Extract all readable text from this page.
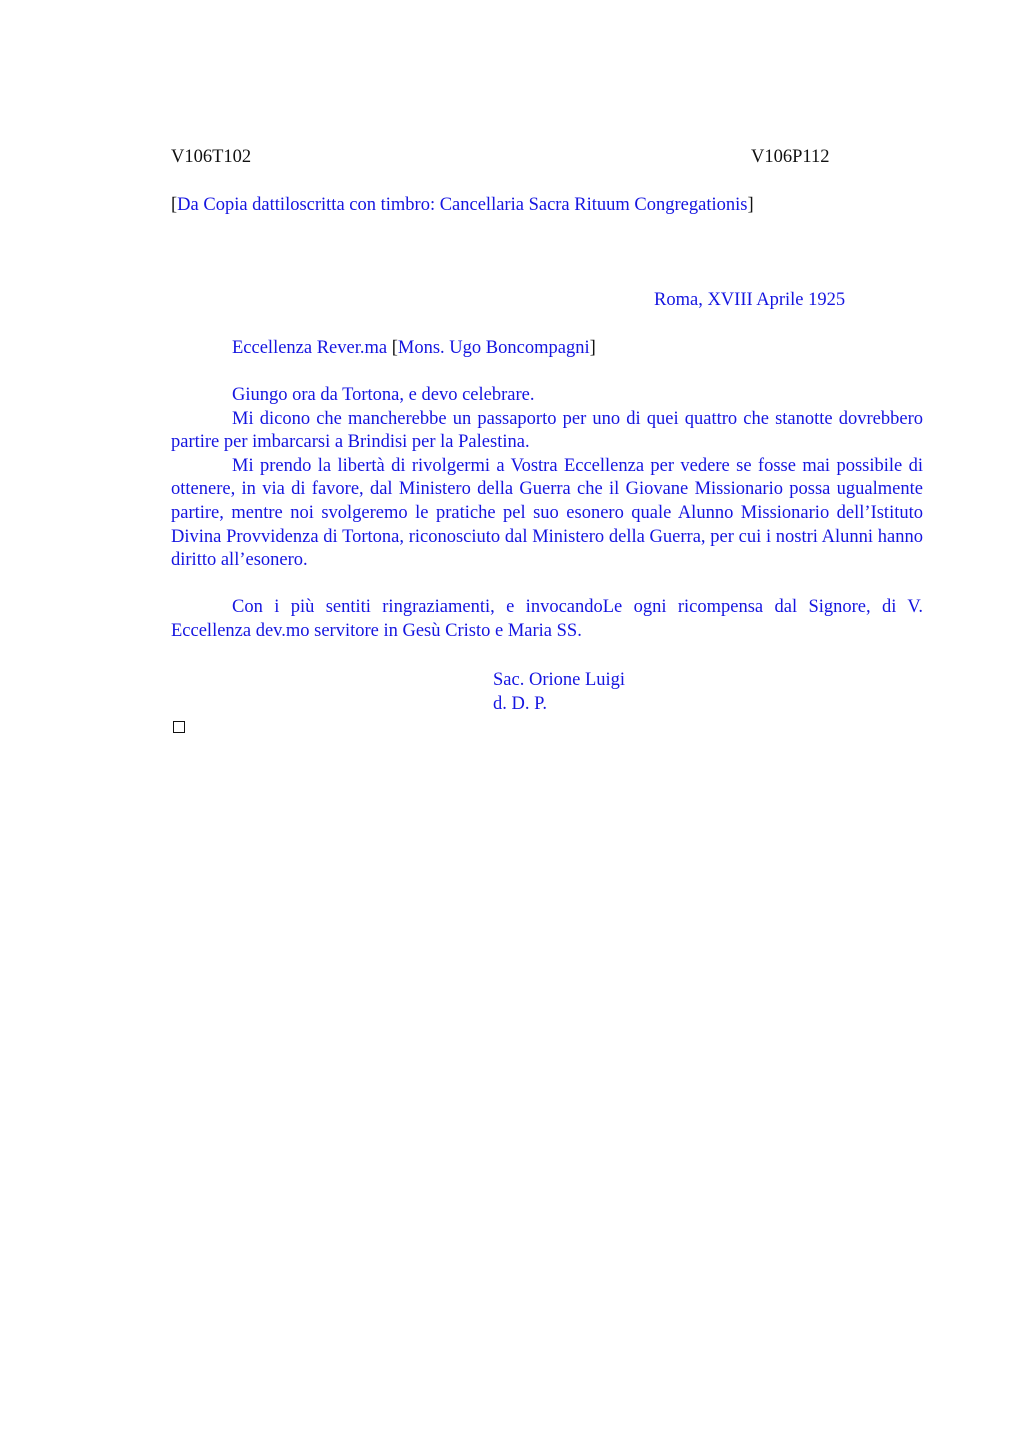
V106T102	V106P112
[Da Copia dattiloscritta con timbro: Cancellaria Sacra Rituum Congregationis]
Roma, XVIII Aprile 1925
Eccellenza Rever.ma [Mons. Ugo Boncompagni]

Giungo ora da Tortona, e devo celebrare.

Mi dicono che mancherebbe un passaporto per uno di quei quattro che stanotte dovrebbero partire per imbarcarsi a Brindisi per la Palestina.

Mi prendo la libertà di rivolgermi a Vostra Eccellenza per vedere se fosse mai possibile di ottenere, in via di favore, dal Ministero della Guerra che il Giovane Missionario possa ugualmente partire, mentre noi svolgeremo le pratiche pel suo esonero quale Alunno Missionario dell’Istituto Divina Provvidenza di Tortona, riconosciuto dal Ministero della Guerra, per cui i nostri Alunni hanno diritto all’esonero.

Con i più sentiti ringraziamenti, e invocandoLe ogni ricompensa dal Signore, di V. Eccellenza dev.mo servitore in Gesù Cristo e Maria SS.

Sac. Orione Luigi
d. D. P.
